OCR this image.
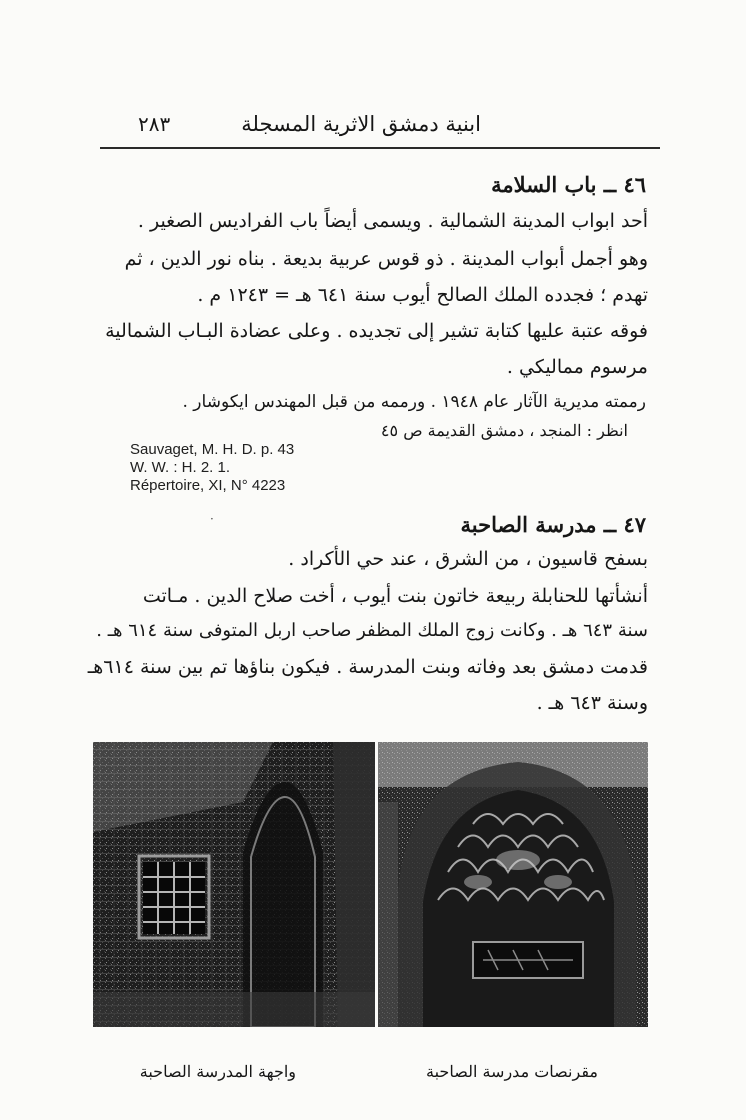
ابنية دمشق الاثرية المسجلة
٢٨٣
٤٦ ــ باب السلامة
أحد ابواب المدينة الشمالية . ويسمى أيضاً باب الفراديس الصغير .
وهو أجمل أبواب المدينة . ذو قوس عربية بديعة . بناه نور الدين ، ثم
تهدم ؛ فجدده الملك الصالح أيوب سنة ٦٤١ هـ = ١٢٤٣ م .
فوقه عتبة عليها كتابة تشير إلى تجديده . وعلى عضادة البـاب الشمالية
مرسوم مماليكي .
رممته مديرية الآثار عام ١٩٤٨ . ورممه من قبل المهندس ايكوشار .
انظر : المنجد ، دمشق القديمة ص ٤٥
Sauvaget, M. H. D. p. 43
W. W. : H. 2. 1.
Répertoire, XI, N° 4223
٤٧ ــ مدرسة الصاحبة
·
بسفح قاسيون ، من الشرق ، عند حي الأكراد .
أنشأتها للحنابلة ربيعة خاتون بنت أيوب ، أخت صلاح الدين . مـاتت
سنة ٦٤٣ هـ . وكانت زوج الملك المظفر صاحب اربل المتوفى سنة ٦١٤ هـ .
قدمت دمشق بعد وفاته وبنت المدرسة . فيكون بناؤها تم بين سنة ٦١٤هـ
وسنة ٦٤٣ هـ .
واجهة المدرسة الصاحبة	مقرنصات مدرسة الصاحبة
